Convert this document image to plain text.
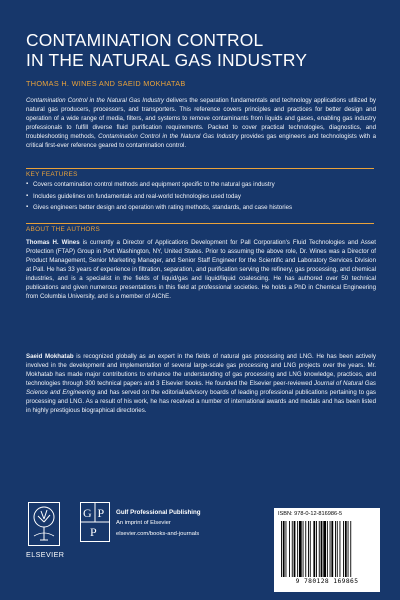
CONTAMINATION CONTROL
IN THE NATURAL GAS INDUSTRY
THOMAS H. WINES AND SAEID MOKHATAB
Contamination Control in the Natural Gas Industry delivers the separation fundamentals and technology applications utilized by natural gas producers, processors, and transporters. This reference covers principles and practices for better design and operation of a wide range of media, filters, and systems to remove contaminants from liquids and gases, enabling gas industry professionals to fulfill diverse fluid purification requirements. Packed to cover practical technologies, diagnostics, and troubleshooting methods, Contamination Control in the Natural Gas Industry provides gas engineers and technologists with a critical first-ever reference geared to contamination control.
KEY FEATURES
▪ Covers contamination control methods and equipment specific to the natural gas industry
▪ Includes guidelines on fundamentals and real-world technologies used today
▪ Gives engineers better design and operation with rating methods, standards, and case histories
ABOUT THE AUTHORS
Thomas H. Wines is currently a Director of Applications Development for Pall Corporation's Fluid Technologies and Asset Protection (FTAP) Group in Port Washington, NY, United States. Prior to assuming the above role, Dr. Wines was a Director of Product Management, Senior Marketing Manager, and Senior Staff Engineer for the Scientific and Laboratory Services Division at Pall. He has 33 years of experience in filtration, separation, and purification serving the refinery, gas processing, and chemical industries, and is a specialist in the fields of liquid/gas and liquid/liquid coalescing. He has authored over 50 technical publications and given numerous presentations in this field at professional societies. He holds a PhD in Chemical Engineering from Columbia University, and is a member of AIChE.
Saeid Mokhatab is recognized globally as an expert in the fields of natural gas processing and LNG. He has been actively involved in the development and implementation of several large-scale gas processing and LNG projects over the years. Mr. Mokhatab has made major contributions to enhance the understanding of gas processing and LNG knowledge, practices, and technologies through 300 technical papers and 3 Elsevier books. He founded the Elsevier peer-reviewed Journal of Natural Gas Science and Engineering and has served on the editorial/advisory boards of leading professional publications pertaining to gas processing and LNG. As a result of his work, he has received a number of international awards and medals and has been listed in highly prestigious biographical directories.
ELSEVIER
G P
P
Gulf Professional Publishing
An imprint of Elsevier
elsevier.com/books-and-journals
ISBN: 978-0-12-816986-5
9 780128 169865
